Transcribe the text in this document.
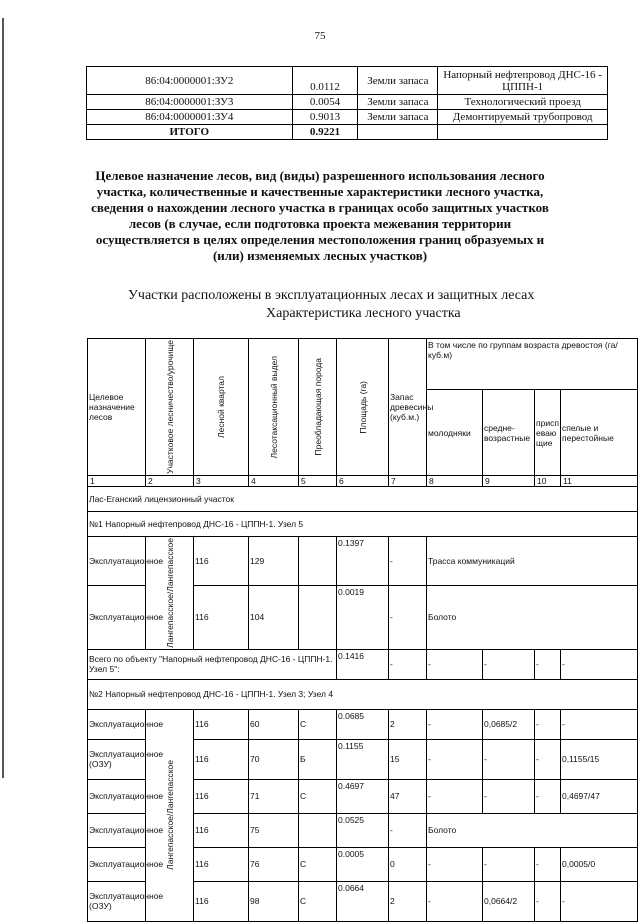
75
86:04:0000001:ЗУ2	0.0112	Земли запаса	Напорный нефтепровод ДНС-16 - ЦППН-1
86:04:0000001:ЗУ3	0.0054	Земли запаса	Технологический проезд
86:04:0000001:ЗУ4	0.9013	Земли запаса	Демонтируемый трубопровод
ИТОГО	0.9221		
Целевое назначение лесов, вид (виды) разрешенного использования лесного участка, количественные и качественные характеристики лесного участка, сведения о нахождении лесного участка в границах особо защитных участков лесов (в случае, если подготовка проекта межевания территории осуществляется в целях определения местоположения границ образуемых и (или) изменяемых лесных участков)
Участки расположены в эксплуатационных лесах и защитных лесах
Характеристика лесного участка
Целевое назначение лесов	Участковое лесничество/урочище	Лесной квартал	Лесотаксационный выдел	Преобладающая порода	Площадь (га)	Запас древесины (куб.м.)	В том числе по группам возраста древостоя (га/куб.м)			
							молодняки	средне-возрастные	приспевающие	спелые и перестойные
1	2	3	4	5	6	7	8	9	10	11
Лас-Еганский лицензионный участок										
№1 Напорный нефтепровод ДНС-16 - ЦППН-1. Узел 5										
Эксплуатационное	Лангепасское/Лангепасское	116	129		0.1397	-	Трасса коммуникаций			
Эксплуатационное		116	104		0.0019	-	Болото			
Всего по объекту "Напорный нефтепровод ДНС-16 - ЦППН-1. Узел 5":					0.1416	-	-	-	-	-
№2 Напорный нефтепровод ДНС-16 - ЦППН-1. Узел 3; Узел 4										
Эксплуатационное	Лангепасское/Лангепасское	116	60	С	0.0685	2	-	0,0685/2	-	-
Эксплуатационное (ОЗУ)		116	70	Б	0.1155	15	-	-	-	0,1155/15
Эксплуатационное		116	71	С	0.4697	47	-	-	-	0,4697/47
Эксплуатационное		116	75		0.0525	-	Болото			
Эксплуатационное		116	76	С	0.0005	0	-	-	-	0,0005/0
Эксплуатационное (ОЗУ)		116	98	С	0.0664	2	-	0,0664/2	-	-
